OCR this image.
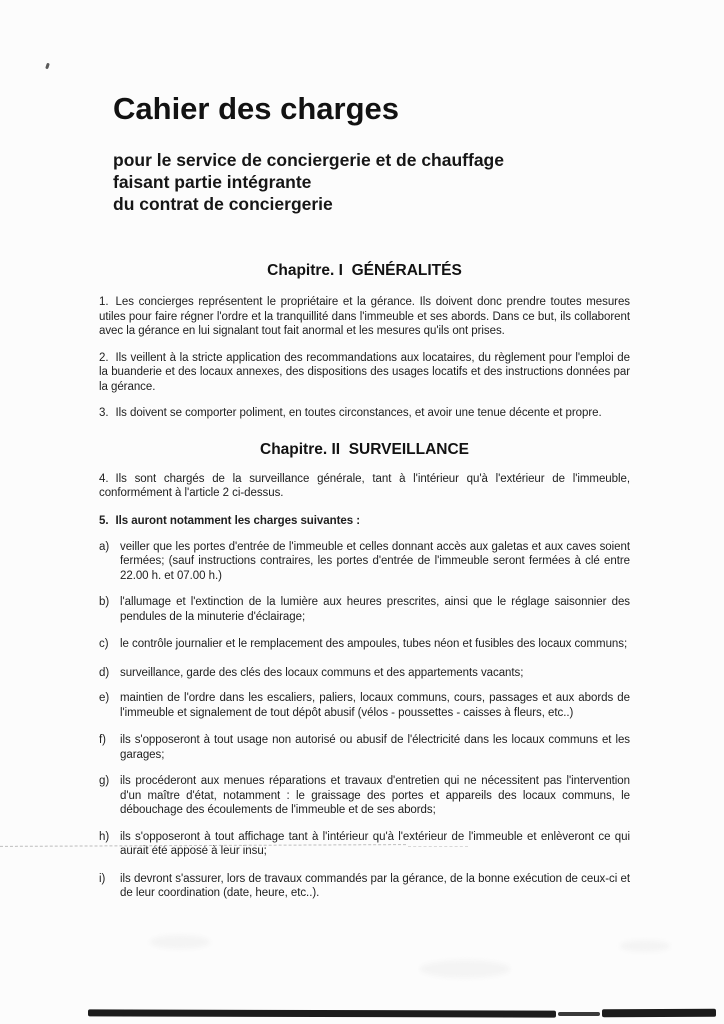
Cahier des charges
pour le service de conciergerie et de chauffage
faisant partie intégrante
du contrat de conciergerie
Chapitre. I  GÉNÉRALITÉS

1. Les concierges représentent le propriétaire et la gérance. Ils doivent donc prendre toutes mesures utiles pour faire régner l'ordre et la tranquillité dans l'immeuble et ses abords. Dans ce but, ils collaborent avec la gérance en lui signalant tout fait anormal et les mesures qu'ils ont prises.

2. Ils veillent à la stricte application des recommandations aux locataires, du règlement pour l'emploi de la buanderie et des locaux annexes, des dispositions des usages locatifs et des instructions données par la gérance.

3. Ils doivent se comporter poliment, en toutes circonstances, et avoir une tenue décente et propre.

Chapitre. II  SURVEILLANCE

4. Ils sont chargés de la surveillance générale, tant à l'intérieur qu'à l'extérieur de l'immeuble, conformément à l'article 2 ci-dessus.

5. Ils auront notamment les charges suivantes :

a) veiller que les portes d'entrée de l'immeuble et celles donnant accès aux galetas et aux caves soient fermées; (sauf instructions contraires, les portes d'entrée de l'immeuble seront fermées à clé entre 22.00 h. et 07.00 h.)
b) l'allumage et l'extinction de la lumière aux heures prescrites, ainsi que le réglage saisonnier des pendules de la minuterie d'éclairage;
c) le contrôle journalier et le remplacement des ampoules, tubes néon et fusibles des locaux communs;
d) surveillance, garde des clés des locaux communs et des appartements vacants;
e) maintien de l'ordre dans les escaliers, paliers, locaux communs, cours, passages et aux abords de l'immeuble et signalement de tout dépôt abusif (vélos - poussettes - caisses à fleurs, etc..)
f) ils s'opposeront à tout usage non autorisé ou abusif de l'électricité dans les locaux communs et les garages;
g) ils procéderont aux menues réparations et travaux d'entretien qui ne nécessitent pas l'intervention d'un maître d'état, notamment : le graissage des portes et appareils des locaux communs, le débouchage des écoulements de l'immeuble et de ses abords;
h) ils s'opposeront à tout affichage tant à l'intérieur qu'à l'extérieur de l'immeuble et enlèveront ce qui aurait été apposé à leur insu;
i) ils devront s'assurer, lors de travaux commandés par la gérance, de la bonne exécution de ceux-ci et de leur coordination (date, heure, etc..).
